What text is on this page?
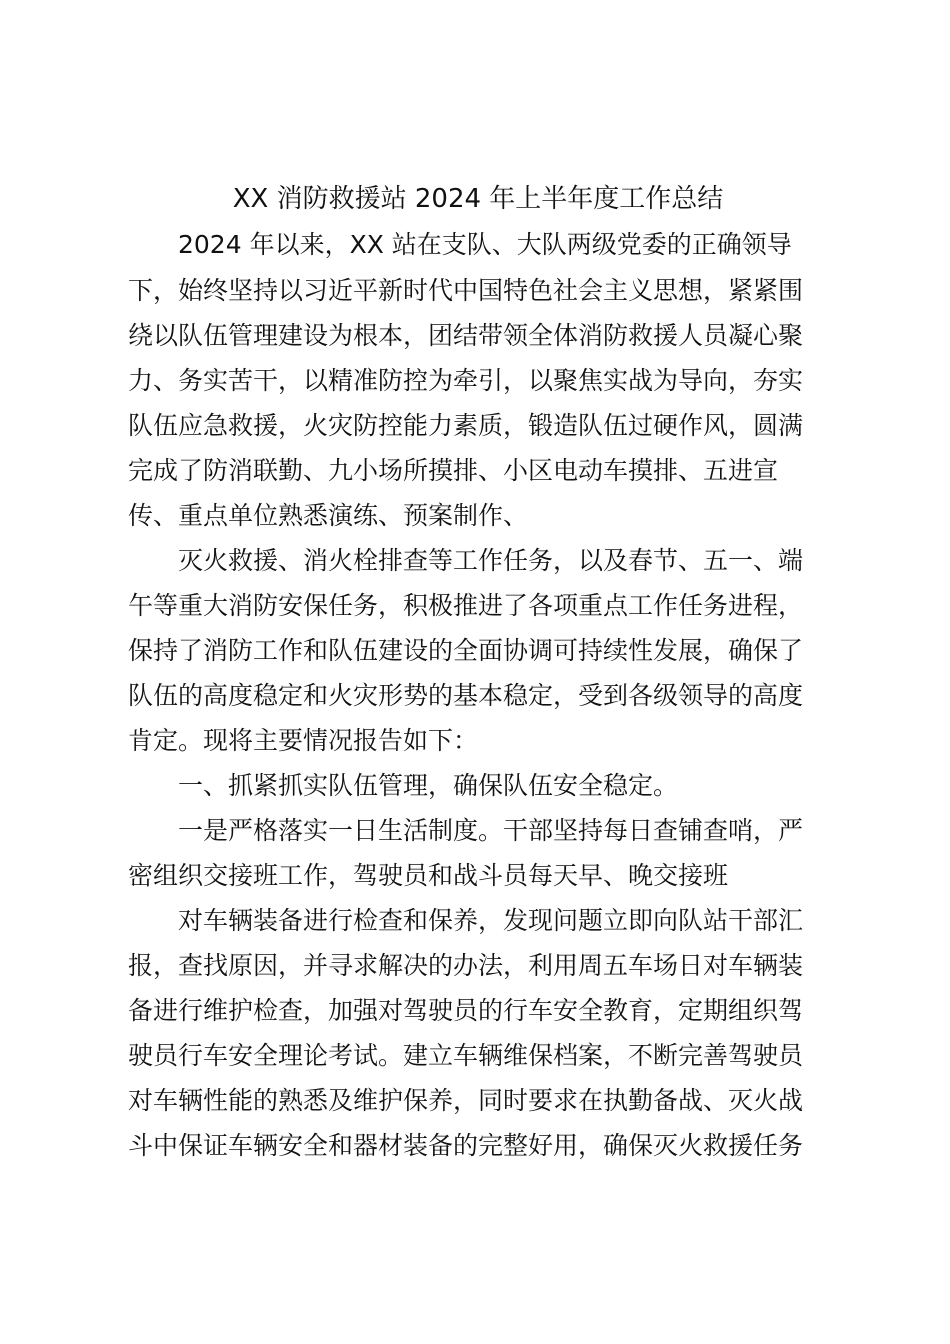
XX 消防救援站 2024 年上半年度工作总结
2024 年以来，XX 站在支队、大队两级党委的正确领导
下，始终坚持以习近平新时代中国特色社会主义思想，紧紧围
绕以队伍管理建设为根本，团结带领全体消防救援人员凝心聚
力、务实苦干，以精准防控为牵引，以聚焦实战为导向，夯实
队伍应急救援，火灾防控能力素质，锻造队伍过硬作风，圆满
完成了防消联勤、九小场所摸排、小区电动车摸排、五进宣
传、重点单位熟悉演练、预案制作、
灭火救援、消火栓排查等工作任务，以及春节、五一、端
午等重大消防安保任务，积极推进了各项重点工作任务进程，
保持了消防工作和队伍建设的全面协调可持续性发展，确保了
队伍的高度稳定和火灾形势的基本稳定，受到各级领导的高度
肯定。现将主要情况报告如下：
一、抓紧抓实队伍管理，确保队伍安全稳定。
一是严格落实一日生活制度。干部坚持每日查铺查哨，严
密组织交接班工作，驾驶员和战斗员每天早、晚交接班
对车辆装备进行检查和保养，发现问题立即向队站干部汇
报，查找原因，并寻求解决的办法，利用周五车场日对车辆装
备进行维护检查，加强对驾驶员的行车安全教育，定期组织驾
驶员行车安全理论考试。建立车辆维保档案，不断完善驾驶员
对车辆性能的熟悉及维护保养，同时要求在执勤备战、灭火战
斗中保证车辆安全和器材装备的完整好用，确保灭火救援任务
